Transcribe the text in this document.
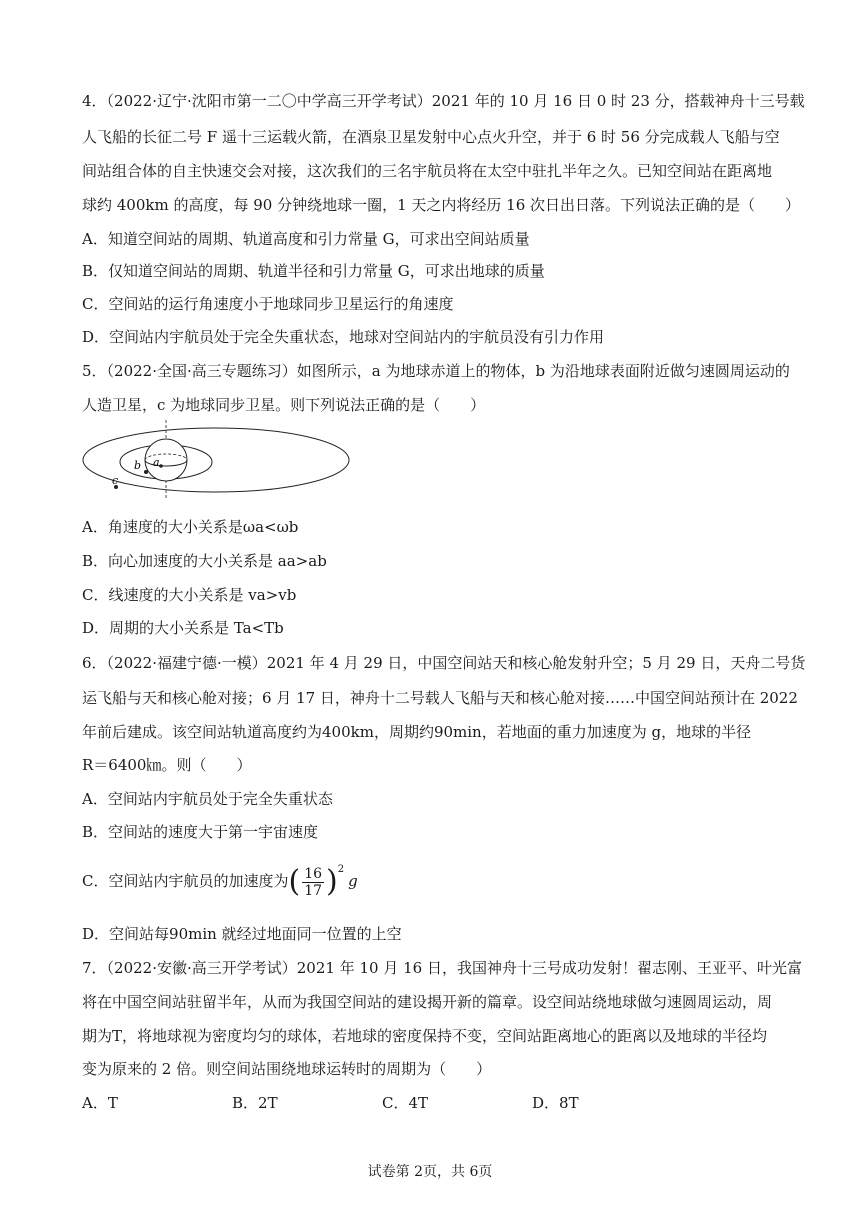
4．（2022·辽宁·沈阳市第一二〇中学高三开学考试）2021 年的 10 月 16 日 0 时 23 分，搭载神舟十三号载
人飞船的长征二号 F 遥十三运载火箭，在酒泉卫星发射中心点火升空，并于 6 时 56 分完成载人飞船与空
间站组合体的自主快速交会对接，这次我们的三名宇航员将在太空中驻扎半年之久。已知空间站在距离地
球约 400km 的高度，每 90 分钟绕地球一圈，1 天之内将经历 16 次日出日落。下列说法正确的是（　　）
A．知道空间站的周期、轨道高度和引力常量 G，可求出空间站质量
B．仅知道空间站的周期、轨道半径和引力常量 G，可求出地球的质量
C．空间站的运行角速度小于地球同步卫星运行的角速度
D．空间站内宇航员处于完全失重状态，地球对空间站内的宇航员没有引力作用
5．（2022·全国·高三专题练习）如图所示，a 为地球赤道上的物体，b 为沿地球表面附近做匀速圆周运动的
人造卫星，c 为地球同步卫星。则下列说法正确的是（　　）
a
b
c
A．角速度的大小关系是ωa<ωb
B．向心加速度的大小关系是 aa>ab
C．线速度的大小关系是 va>vb
D．周期的大小关系是 Ta<Tb
6．（2022·福建宁德·一模）2021 年 4 月 29 日，中国空间站天和核心舱发射升空；5 月 29 日，天舟二号货
运飞船与天和核心舱对接；6 月 17 日，神舟十二号载人飞船与天和核心舱对接……中国空间站预计在 2022
年前后建成。该空间站轨道高度约为400km，周期约90min，若地面的重力加速度为 g，地球的半径
R＝6400㎞。则（　　）
A．空间站内宇航员处于完全失重状态
B．空间站的速度大于第一宇宙速度
C．空间站内宇航员的加速度为( $\frac{16}{17} )^2g$
D．空间站每90min 就经过地面同一位置的上空
7．（2022·安徽·高三开学考试）2021 年 10 月 16 日，我国神舟十三号成功发射！翟志刚、王亚平、叶光富
将在中国空间站驻留半年，从而为我国空间站的建设揭开新的篇章。设空间站绕地球做匀速圆周运动，周
期为T，将地球视为密度均匀的球体，若地球的密度保持不变，空间站距离地心的距离以及地球的半径均
变为原来的 2 倍。则空间站围绕地球运转时的周期为（　　）
A．T	B．2T	C．4T	D．8T
试卷第 2页，共 6页
